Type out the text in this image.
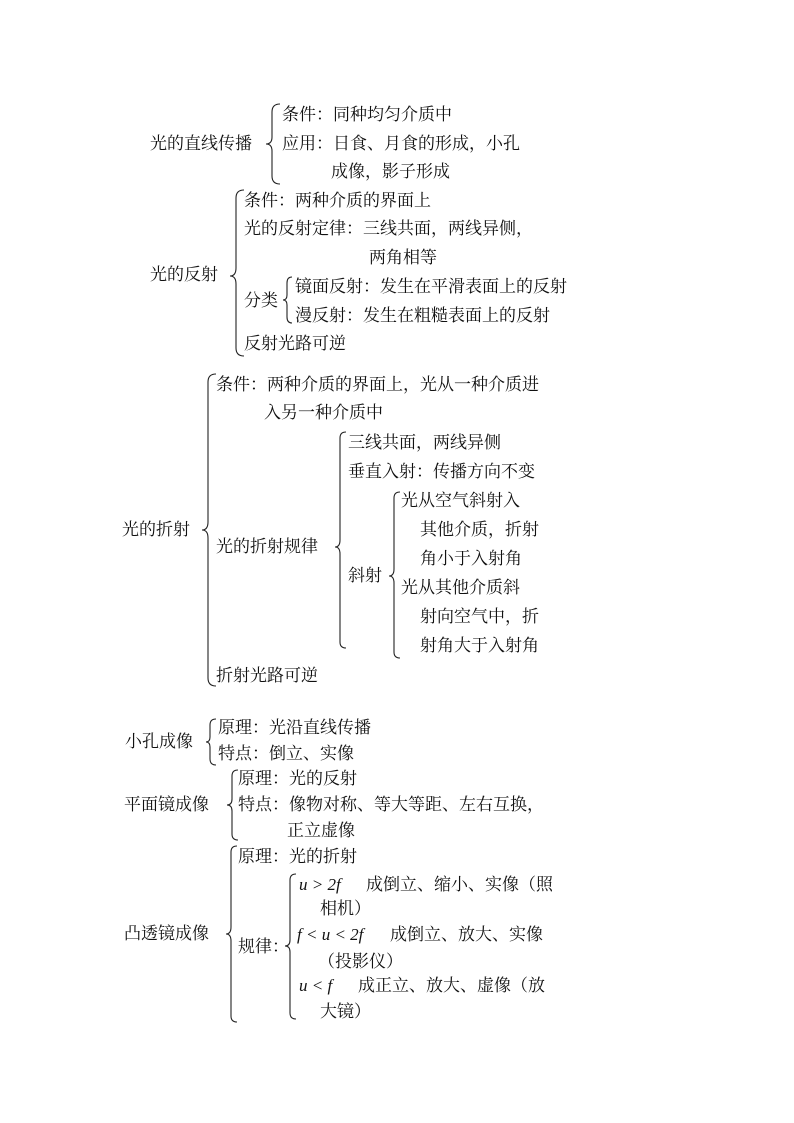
光的直线传播
条件：同种均匀介质中
应用：日食、月食的形成，小孔
成像，影子形成
光的反射
条件：两种介质的界面上
光的反射定律：三线共面，两线异侧，
两角相等
分类
镜面反射：发生在平滑表面上的反射
漫反射：发生在粗糙表面上的反射
反射光路可逆
光的折射
条件：两种介质的界面上，光从一种介质进
入另一种介质中
光的折射规律
三线共面，两线异侧
垂直入射：传播方向不变
斜射
光从空气斜射入
其他介质，折射
角小于入射角
光从其他介质斜
射向空气中，折
射角大于入射角
折射光路可逆
小孔成像
原理：光沿直线传播
特点：倒立、实像
平面镜成像
原理：光的反射
特点：像物对称、等大等距、左右互换，
正立虚像
凸透镜成像
原理：光的折射
规律：
u > 2f 成倒立、缩小、实像（照
相机）
f < u < 2f 成倒立、放大、实像
（投影仪）
u < f 成正立、放大、虚像（放
大镜）
